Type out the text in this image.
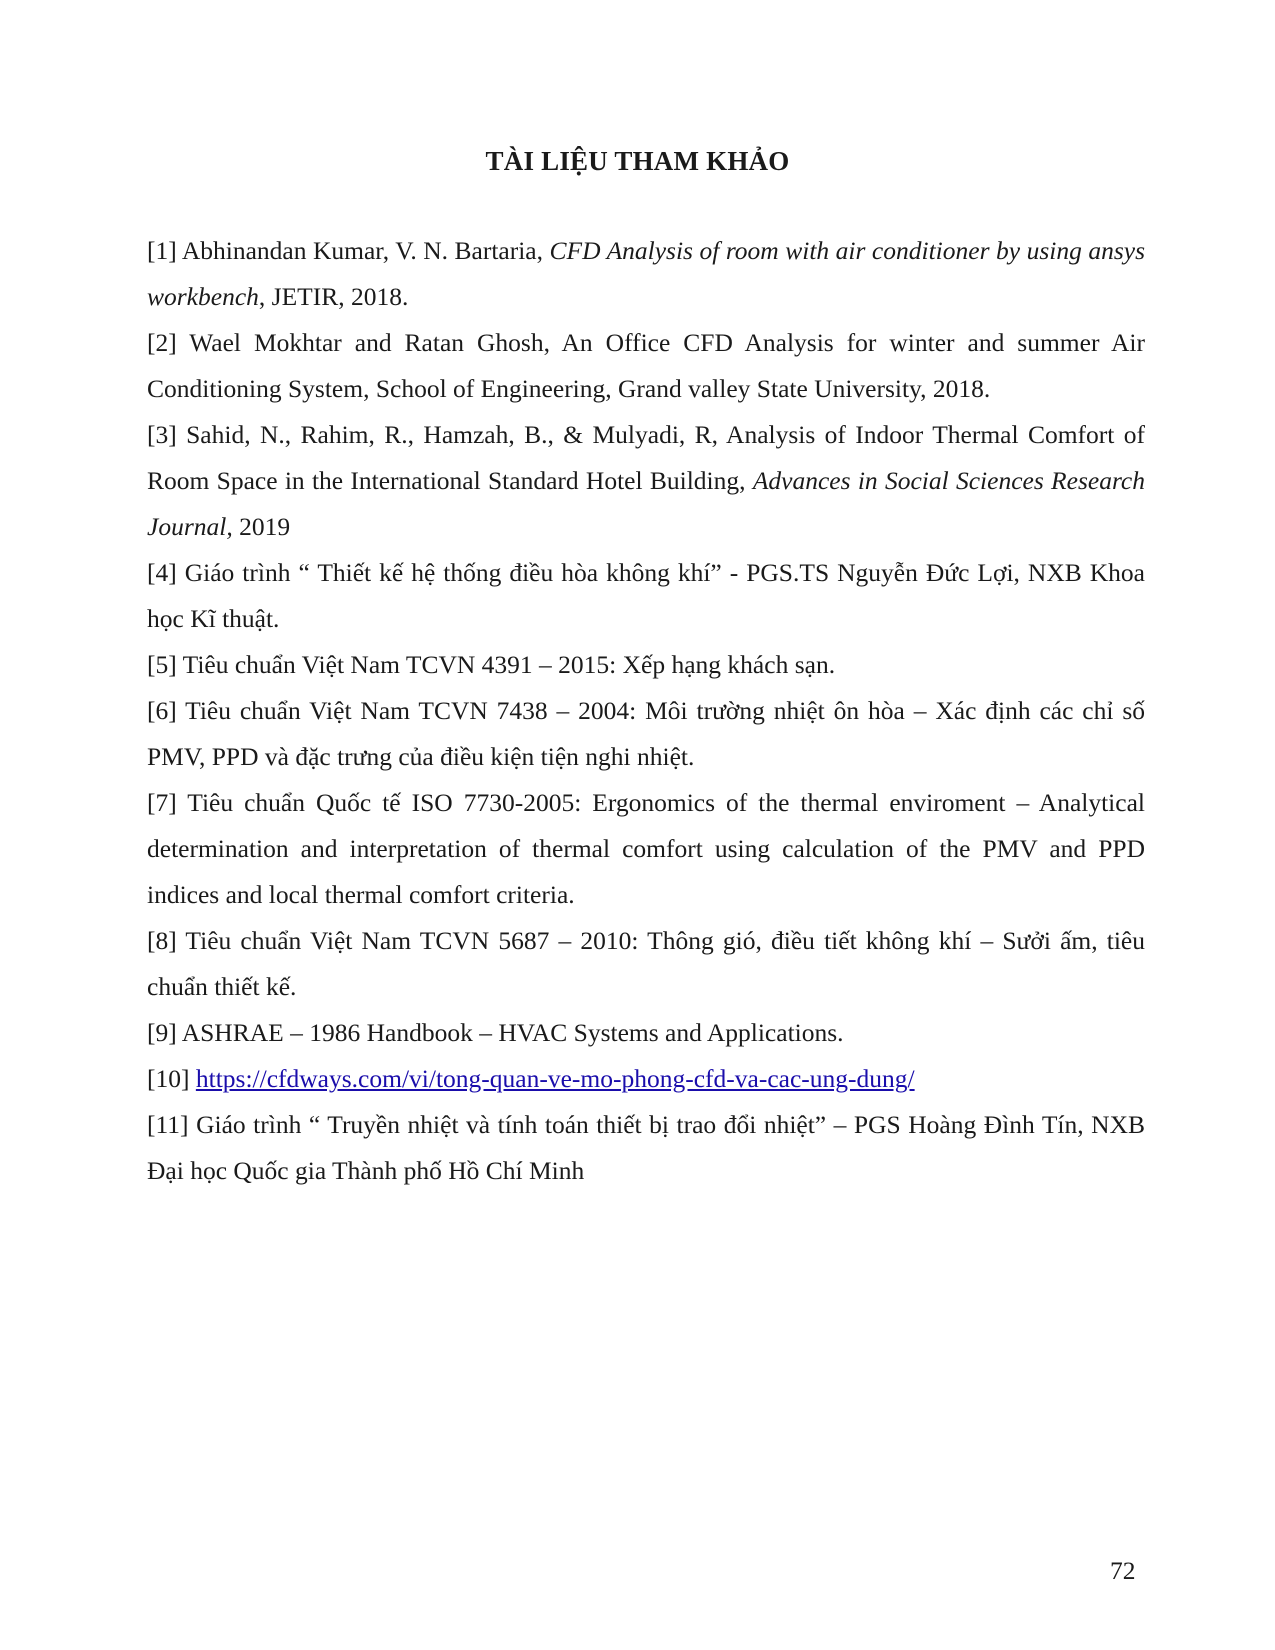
TÀI LIỆU THAM KHẢO

[1] Abhinandan Kumar, V. N. Bartaria, CFD Analysis of room with air conditioner by using ansys workbench, JETIR, 2018.

[2] Wael Mokhtar and Ratan Ghosh, An Office CFD Analysis for winter and summer Air Conditioning System, School of Engineering, Grand valley State University, 2018.

[3] Sahid, N., Rahim, R., Hamzah, B., & Mulyadi, R, Analysis of Indoor Thermal Comfort of Room Space in the International Standard Hotel Building, Advances in Social Sciences Research Journal, 2019

[4] Giáo trình “ Thiết kế hệ thống điều hòa không khí” - PGS.TS Nguyễn Đức Lợi, NXB Khoa học Kĩ thuật.

[5] Tiêu chuẩn Việt Nam TCVN 4391 – 2015: Xếp hạng khách sạn.

[6] Tiêu chuẩn Việt Nam TCVN 7438 – 2004: Môi trường nhiệt ôn hòa – Xác định các chỉ số PMV, PPD và đặc trưng của điều kiện tiện nghi nhiệt.

[7] Tiêu chuẩn Quốc tế ISO 7730-2005: Ergonomics of the thermal enviroment – Analytical determination and interpretation of thermal comfort using calculation of the PMV and PPD indices and local thermal comfort criteria.

[8] Tiêu chuẩn Việt Nam TCVN 5687 – 2010: Thông gió, điều tiết không khí – Sưởi ấm, tiêu chuẩn thiết kế.

[9] ASHRAE – 1986 Handbook – HVAC Systems and Applications.

[10] https://cfdways.com/vi/tong-quan-ve-mo-phong-cfd-va-cac-ung-dung/

[11] Giáo trình “ Truyền nhiệt và tính toán thiết bị trao đổi nhiệt” – PGS Hoàng Đình Tín, NXB Đại học Quốc gia Thành phố Hồ Chí Minh

72
